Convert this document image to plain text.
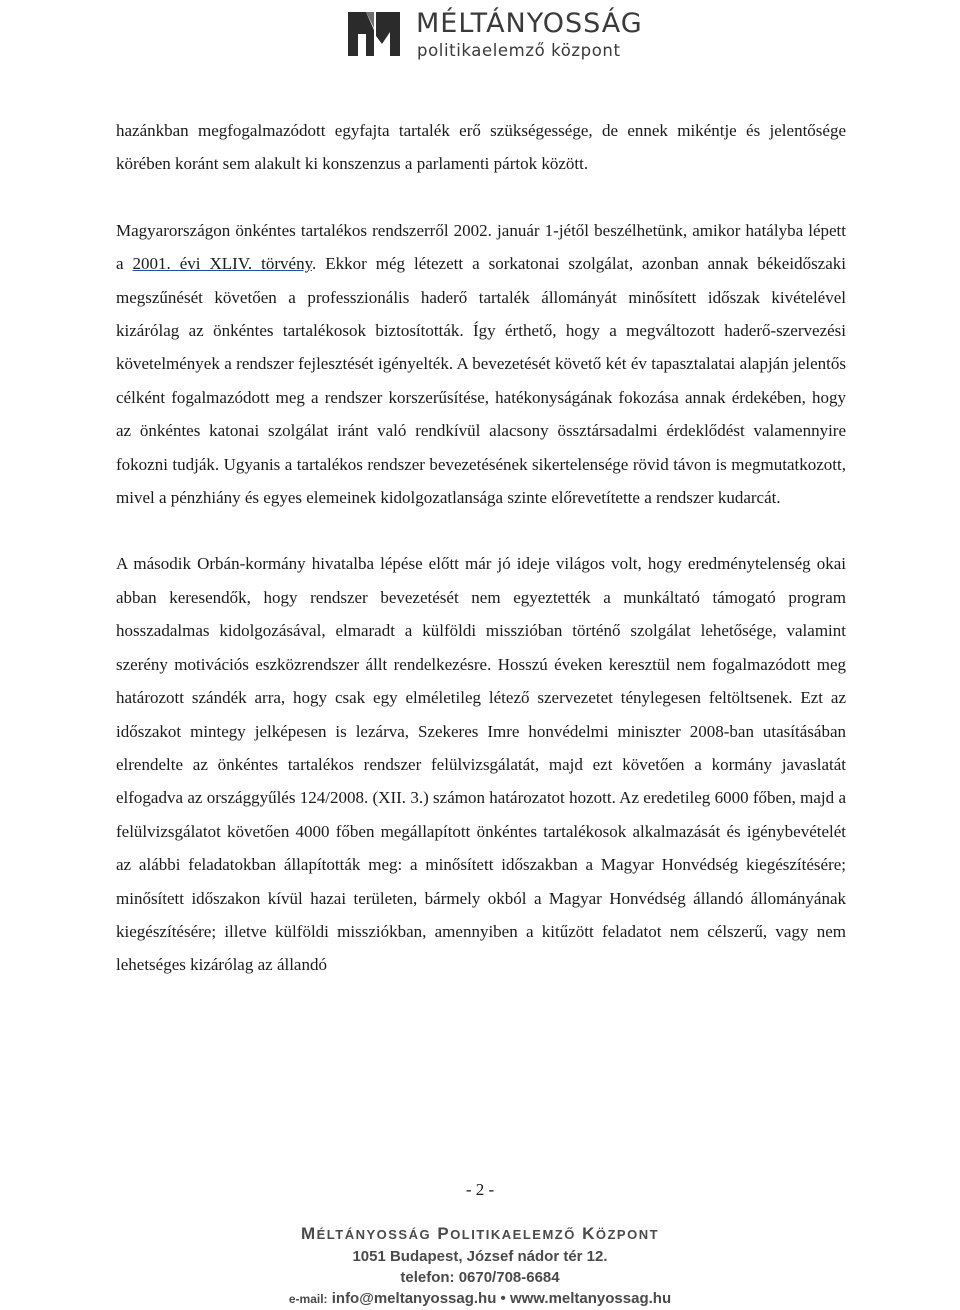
MÉLTÁNYOSSÁG
politikaelemző központ

hazánkban megfogalmazódott egyfajta tartalék erő szükségessége, de ennek mikéntje és jelentősége körében koránt sem alakult ki konszenzus a parlamenti pártok között.

Magyarországon önkéntes tartalékos rendszerről 2002. január 1-jétől beszélhetünk, amikor hatályba lépett a 2001. évi XLIV. törvény. Ekkor még létezett a sorkatonai szolgálat, azonban annak békeidőszaki megszűnését követően a professzionális haderő tartalék állományát minősített időszak kivételével kizárólag az önkéntes tartalékosok biztosították. Így érthető, hogy a megváltozott haderő-szervezési követelmények a rendszer fejlesztését igényelték. A bevezetését követő két év tapasztalatai alapján jelentős célként fogalmazódott meg a rendszer korszerűsítése, hatékonyságának fokozása annak érdekében, hogy az önkéntes katonai szolgálat iránt való rendkívül alacsony össztársadalmi érdeklődést valamennyire fokozni tudják. Ugyanis a tartalékos rendszer bevezetésének sikertelensége rövid távon is megmutatkozott, mivel a pénzhiány és egyes elemeinek kidolgozatlansága szinte előrevetítette a rendszer kudarcát.

A második Orbán-kormány hivatalba lépése előtt már jó ideje világos volt, hogy eredménytelenség okai abban keresendők, hogy rendszer bevezetését nem egyeztették a munkáltató támogató program hosszadalmas kidolgozásával, elmaradt a külföldi misszióban történő szolgálat lehetősége, valamint szerény motivációs eszközrendszer állt rendelkezésre. Hosszú éveken keresztül nem fogalmazódott meg határozott szándék arra, hogy csak egy elméletileg létező szervezetet ténylegesen feltöltsenek. Ezt az időszakot mintegy jelképesen is lezárva, Szekeres Imre honvédelmi miniszter 2008-ban utasításában elrendelte az önkéntes tartalékos rendszer felülvizsgálatát, majd ezt követően a kormány javaslatát elfogadva az országgyűlés 124/2008. (XII. 3.) számon határozatot hozott. Az eredetileg 6000 főben, majd a felülvizsgálatot követően 4000 főben megállapított önkéntes tartalékosok alkalmazását és igénybevételét az alábbi feladatokban állapították meg: a minősített időszakban a Magyar Honvédség kiegészítésére; minősített időszakon kívül hazai területen, bármely okból a Magyar Honvédség állandó állományának kiegészítésére; illetve külföldi missziókban, amennyiben a kitűzött feladatot nem célszerű, vagy nem lehetséges kizárólag az állandó

- 2 -
MÉLTÁNYOSSÁG POLITIKAELEMZŐ KÖZPONT
1051 Budapest, József nádor tér 12.
telefon: 0670/708-6684
e-mail: info@meltanyossag.hu • www.meltanyossag.hu
